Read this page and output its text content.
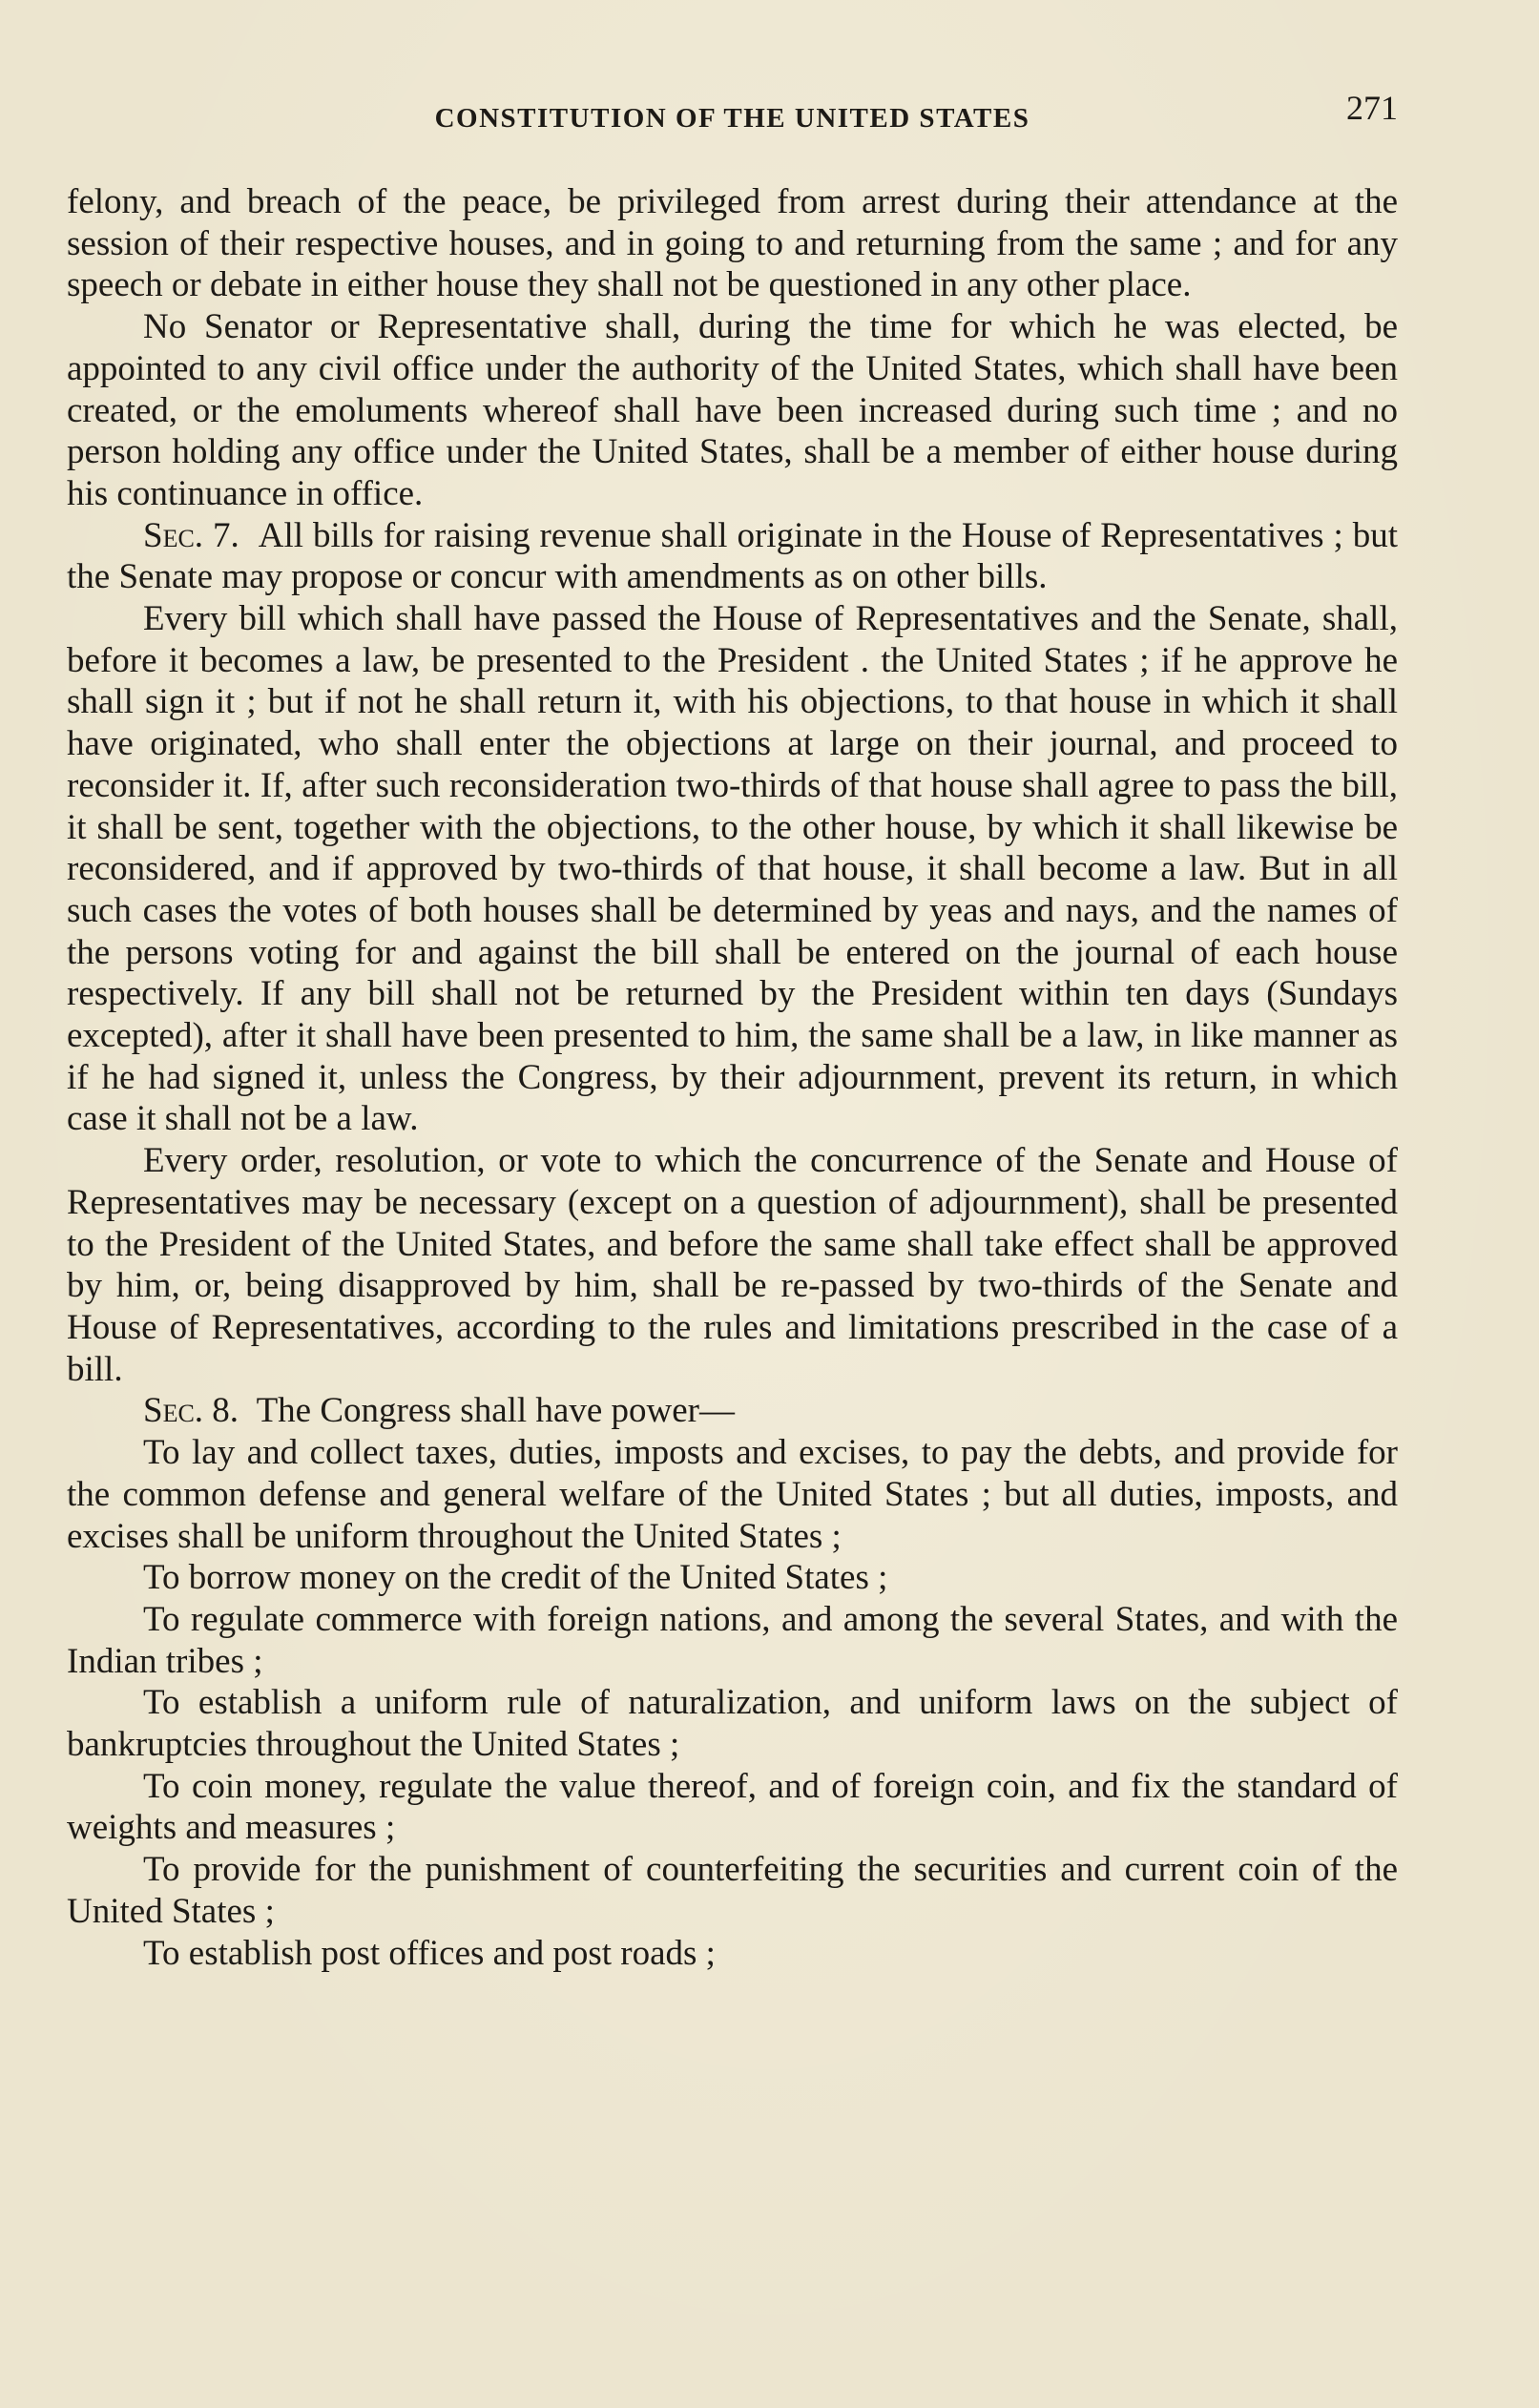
CONSTITUTION OF THE UNITED STATES	271

felony, and breach of the peace, be privileged from arrest during their attendance at the session of their respective houses, and in going to and returning from the same ; and for any speech or debate in either house they shall not be questioned in any other place.

No Senator or Representative shall, during the time for which he was elected, be appointed to any civil office under the authority of the United States, which shall have been created, or the emoluments whereof shall have been increased during such time ; and no person holding any office under the United States, shall be a member of either house during his continuance in office.

Sec. 7. All bills for raising revenue shall originate in the House of Representatives ; but the Senate may propose or concur with amendments as on other bills.

Every bill which shall have passed the House of Representatives and the Senate, shall, before it becomes a law, be presented to the President . the United States ; if he approve he shall sign it ; but if not he shall return it, with his objections, to that house in which it shall have originated, who shall enter the objections at large on their journal, and proceed to reconsider it. If, after such reconsideration two-thirds of that house shall agree to pass the bill, it shall be sent, together with the objections, to the other house, by which it shall likewise be reconsidered, and if approved by two-thirds of that house, it shall become a law. But in all such cases the votes of both houses shall be determined by yeas and nays, and the names of the persons voting for and against the bill shall be entered on the journal of each house respectively. If any bill shall not be returned by the President within ten days (Sundays excepted), after it shall have been presented to him, the same shall be a law, in like manner as if he had signed it, unless the Congress, by their adjournment, prevent its return, in which case it shall not be a law.

Every order, resolution, or vote to which the concurrence of the Senate and House of Representatives may be necessary (except on a question of adjournment), shall be presented to the President of the United States, and before the same shall take effect shall be approved by him, or, being disapproved by him, shall be re-passed by two-thirds of the Senate and House of Representatives, according to the rules and limitations prescribed in the case of a bill.

Sec. 8. The Congress shall have power—

To lay and collect taxes, duties, imposts and excises, to pay the debts, and provide for the common defense and general welfare of the United States ; but all duties, imposts, and excises shall be uniform throughout the United States ;

To borrow money on the credit of the United States ;

To regulate commerce with foreign nations, and among the several States, and with the Indian tribes ;

To establish a uniform rule of naturalization, and uniform laws on the subject of bankruptcies throughout the United States ;

To coin money, regulate the value thereof, and of foreign coin, and fix the standard of weights and measures ;

To provide for the punishment of counterfeiting the securities and current coin of the United States ;

To establish post offices and post roads ;
